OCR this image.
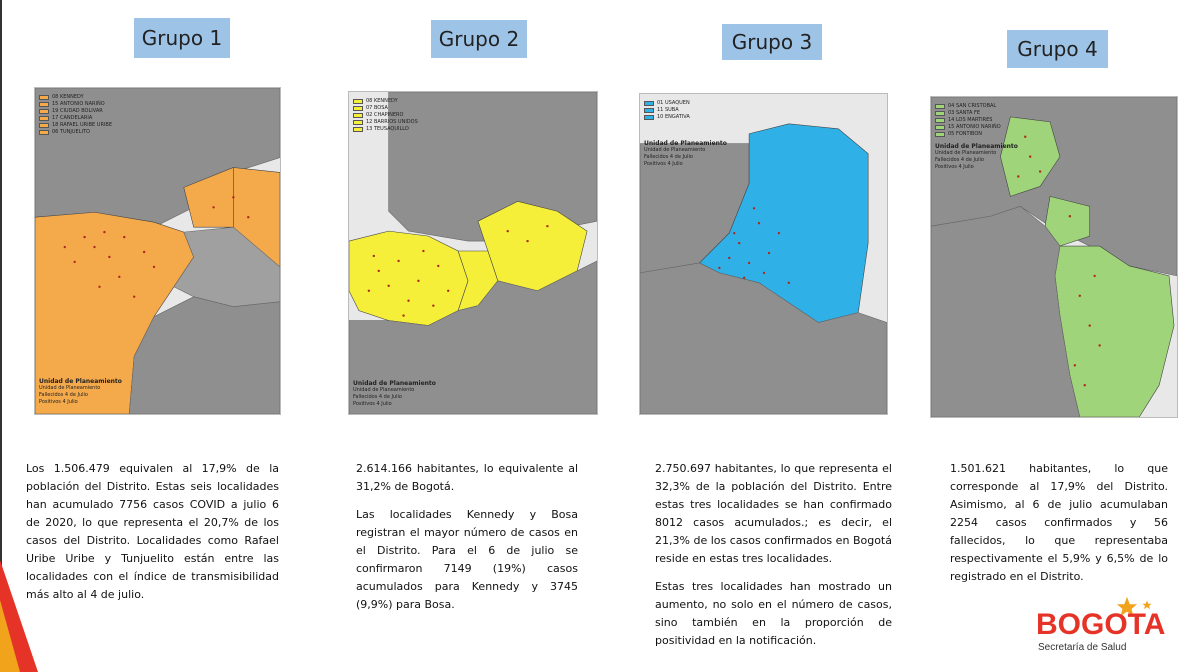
Grupo 1	Grupo 2	Grupo 3	Grupo 4
08 KENNEDY
15 ANTONIO NARIÑO
19 CIUDAD BOLIVAR
17 CANDELARIA
18 RAFAEL URIBE URIBE
06 TUNJUELITO
Unidad de Planeamiento
Unidad de Planeamiento
Fallecidos 4 de Julio
Positivos 4 Julio
08 KENNEDY
07 BOSA
02 CHAPINERO
12 BARRIOS UNIDOS
13 TEUSAQUILLO
Unidad de Planeamiento
Unidad de Planeamiento
Fallecidos 4 de Julio
Positivos 4 Julio
01 USAQUEN
11 SUBA
10 ENGATIVA
Unidad de Planeamiento
Unidad de Planeamiento
Fallecidos 4 de Julio
Positivos 4 Julio
04 SAN CRISTOBAL
03 SANTA FE
14 LOS MARTIRES
15 ANTONIO NARIÑO
05 FONTIBON
Unidad de Planeamiento
Unidad de Planeamiento
Fallecidos 4 de Julio
Positivos 4 Julio

Los 1.506.479 equivalen al 17,9% de la población del Distrito. Estas seis localidades han acumulado 7756 casos COVID a julio 6 de 2020, lo que representa el 20,7% de los casos del Distrito. Localidades como Rafael Uribe Uribe y Tunjuelito están entre las localidades con el índice de transmisibilidad más alto al 4 de julio.

2.614.166 habitantes, lo equivalente al 31,2% de Bogotá.

Las localidades Kennedy y Bosa registran el mayor número de casos en el Distrito. Para el 6 de julio se confirmaron 7149 (19%) casos acumulados para Kennedy y 3745 (9,9%) para Bosa.

2.750.697 habitantes, lo que representa el 32,3% de la población del Distrito. Entre estas tres localidades se han confirmado 8012 casos acumulados.; es decir, el 21,3% de los casos confirmados en Bogotá reside en estas tres localidades.

Estas tres localidades han mostrado un aumento, no solo en el número de casos, sino también en la proporción de positividad en la notificación.

1.501.621 habitantes, lo que corresponde al 17,9% del Distrito. Asimismo, al 6 de julio acumulaban 2254 casos confirmados y 56 fallecidos, lo que representaba respectivamente el 5,9% y 6,5% de lo registrado en el Distrito.

BOGOTA
Secretaría de Salud
